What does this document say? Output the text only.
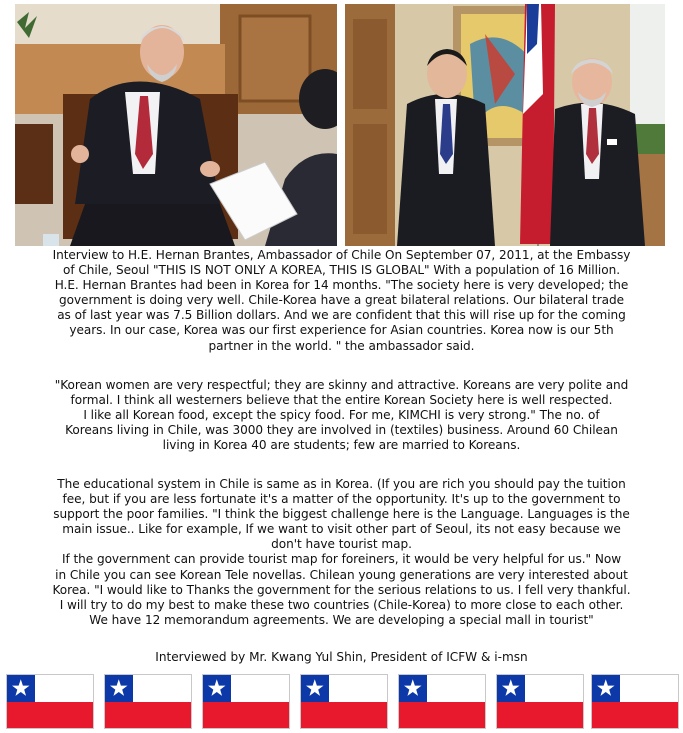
Interview to H.E. Hernan Brantes, Ambassador of Chile On September 07, 2011, at the Embassy
of Chile, Seoul "THIS IS NOT ONLY A KOREA, THIS IS GLOBAL" With a population of 16 Million.
H.E. Hernan Brantes had been in Korea for 14 months. "The society here is very developed; the
government is doing very well. Chile-Korea have a great bilateral relations. Our bilateral trade
as of last year was 7.5 Billion dollars. And we are confident that this will rise up for the coming
years. In our case, Korea was our first experience for Asian countries. Korea now is our 5th
partner in the world. " the ambassador said.
"Korean women are very respectful; they are skinny and attractive. Koreans are very polite and
formal. I think all westerners believe that the entire Korean Society here is well respected.
I like all Korean food, except the spicy food. For me, KIMCHI is very strong." The no. of
Koreans living in Chile, was 3000 they are involved in (textiles) business. Around 60 Chilean
living in Korea 40 are students; few are married to Koreans.
The educational system in Chile is same as in Korea. (If you are rich you should pay the tuition
fee, but if you are less fortunate it's a matter of the opportunity. It's up to the government to
support the poor families. "I think the biggest challenge here is the Language. Languages is the
main issue.. Like for example, If we want to visit other part of Seoul, its not easy because we
don't have tourist map.
If the government can provide tourist map for foreiners, it would be very helpful for us." Now
in Chile you can see Korean Tele novellas. Chilean young generations are very interested about
Korea. "I would like to Thanks the government for the serious relations to us. I fell very thankful.
I will try to do my best to make these two countries (Chile-Korea) to more close to each other.
We have 12 memorandum agreements. We are developing a special mall in tourist"
Interviewed by Mr. Kwang Yul Shin, President of ICFW & i-msn
